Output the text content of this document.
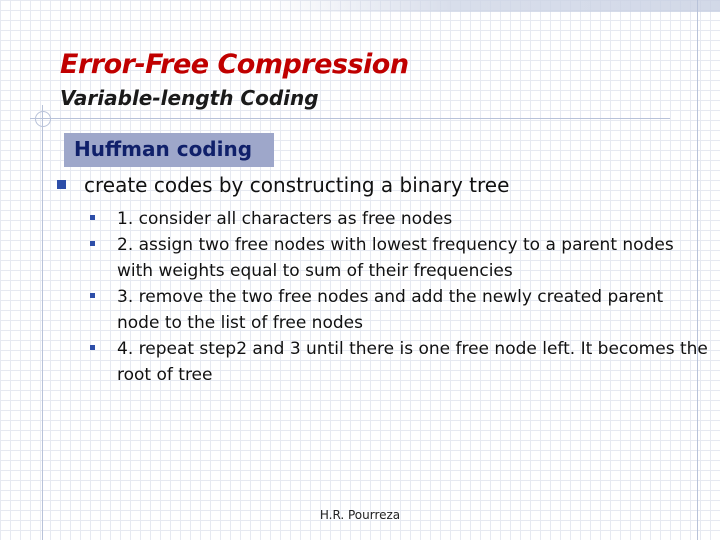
Error-Free Compression
Variable-length Coding
Huffman coding
create codes by constructing a binary tree
1. consider all characters as free nodes
2. assign two free nodes with lowest frequency to a parent nodes with weights equal to sum of their frequencies
3. remove the two free nodes and add the newly created parent node to the list of free nodes
4. repeat step2 and 3 until there is one free node left. It becomes the root of tree
H.R. Pourreza
